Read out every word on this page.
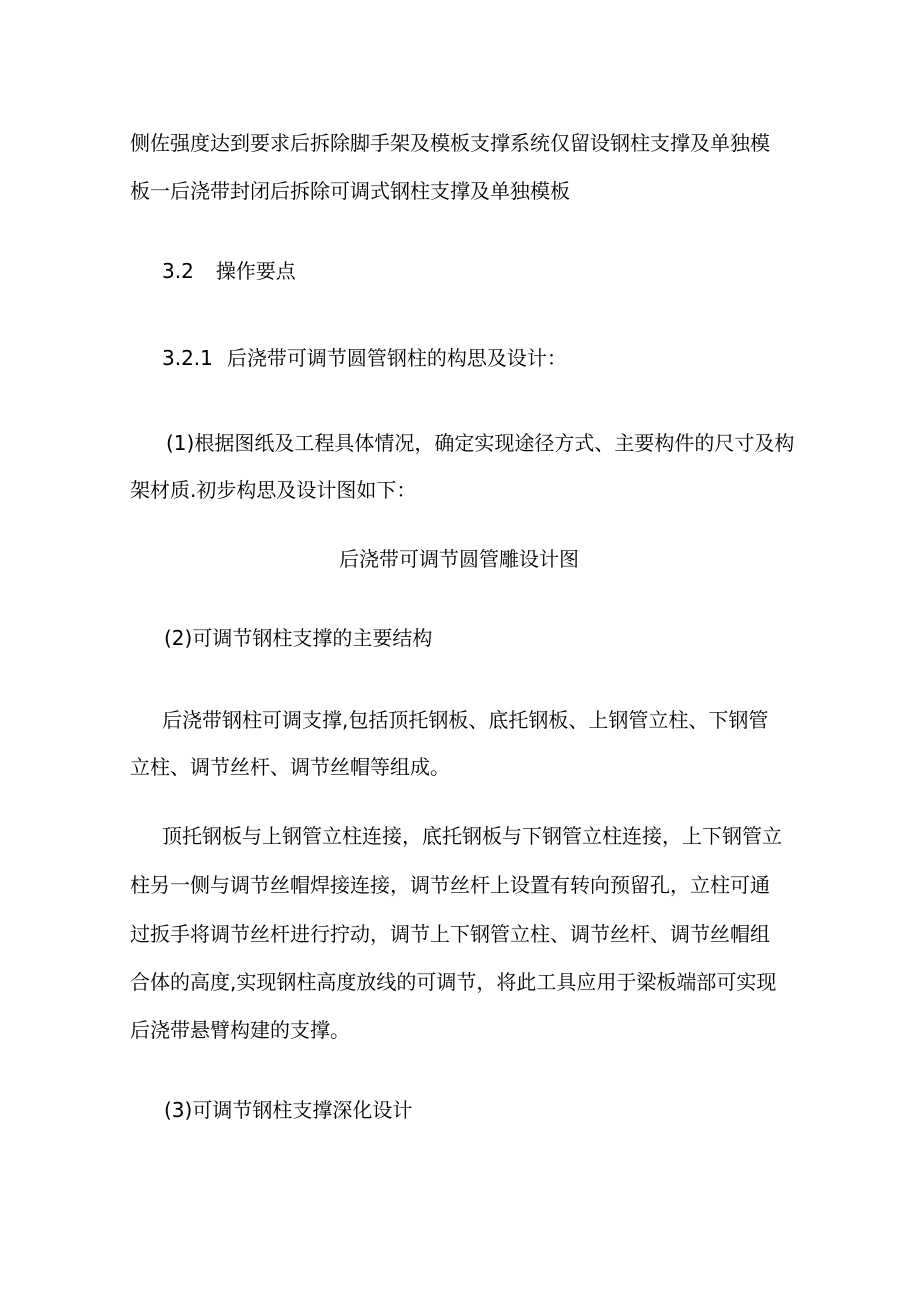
侧佐强度达到要求后拆除脚手架及模板支撑系统仅留设钢柱支撑及单独模
板一后浇带封闭后拆除可调式钢柱支撑及单独模板
3.2 操作要点
3.2.1 后浇带可调节圆管钢柱的构思及设计：
(1)根据图纸及工程具体情况，确定实现途径方式、主要构件的尺寸及构
架材质.初步构思及设计图如下：
后浇带可调节圆管雕设计图
(2)可调节钢柱支撑的主要结构
后浇带钢柱可调支撑,包括顶托钢板、底托钢板、上钢管立柱、下钢管
立柱、调节丝杆、调节丝帽等组成。
顶托钢板与上钢管立柱连接，底托钢板与下钢管立柱连接，上下钢管立
柱另一侧与调节丝帽焊接连接，调节丝杆上设置有转向预留孔，立柱可通
过扳手将调节丝杆进行拧动，调节上下钢管立柱、调节丝杆、调节丝帽组
合体的高度,实现钢柱高度放线的可调节，将此工具应用于梁板端部可实现
后浇带悬臂构建的支撑。
(3)可调节钢柱支撑深化设计
